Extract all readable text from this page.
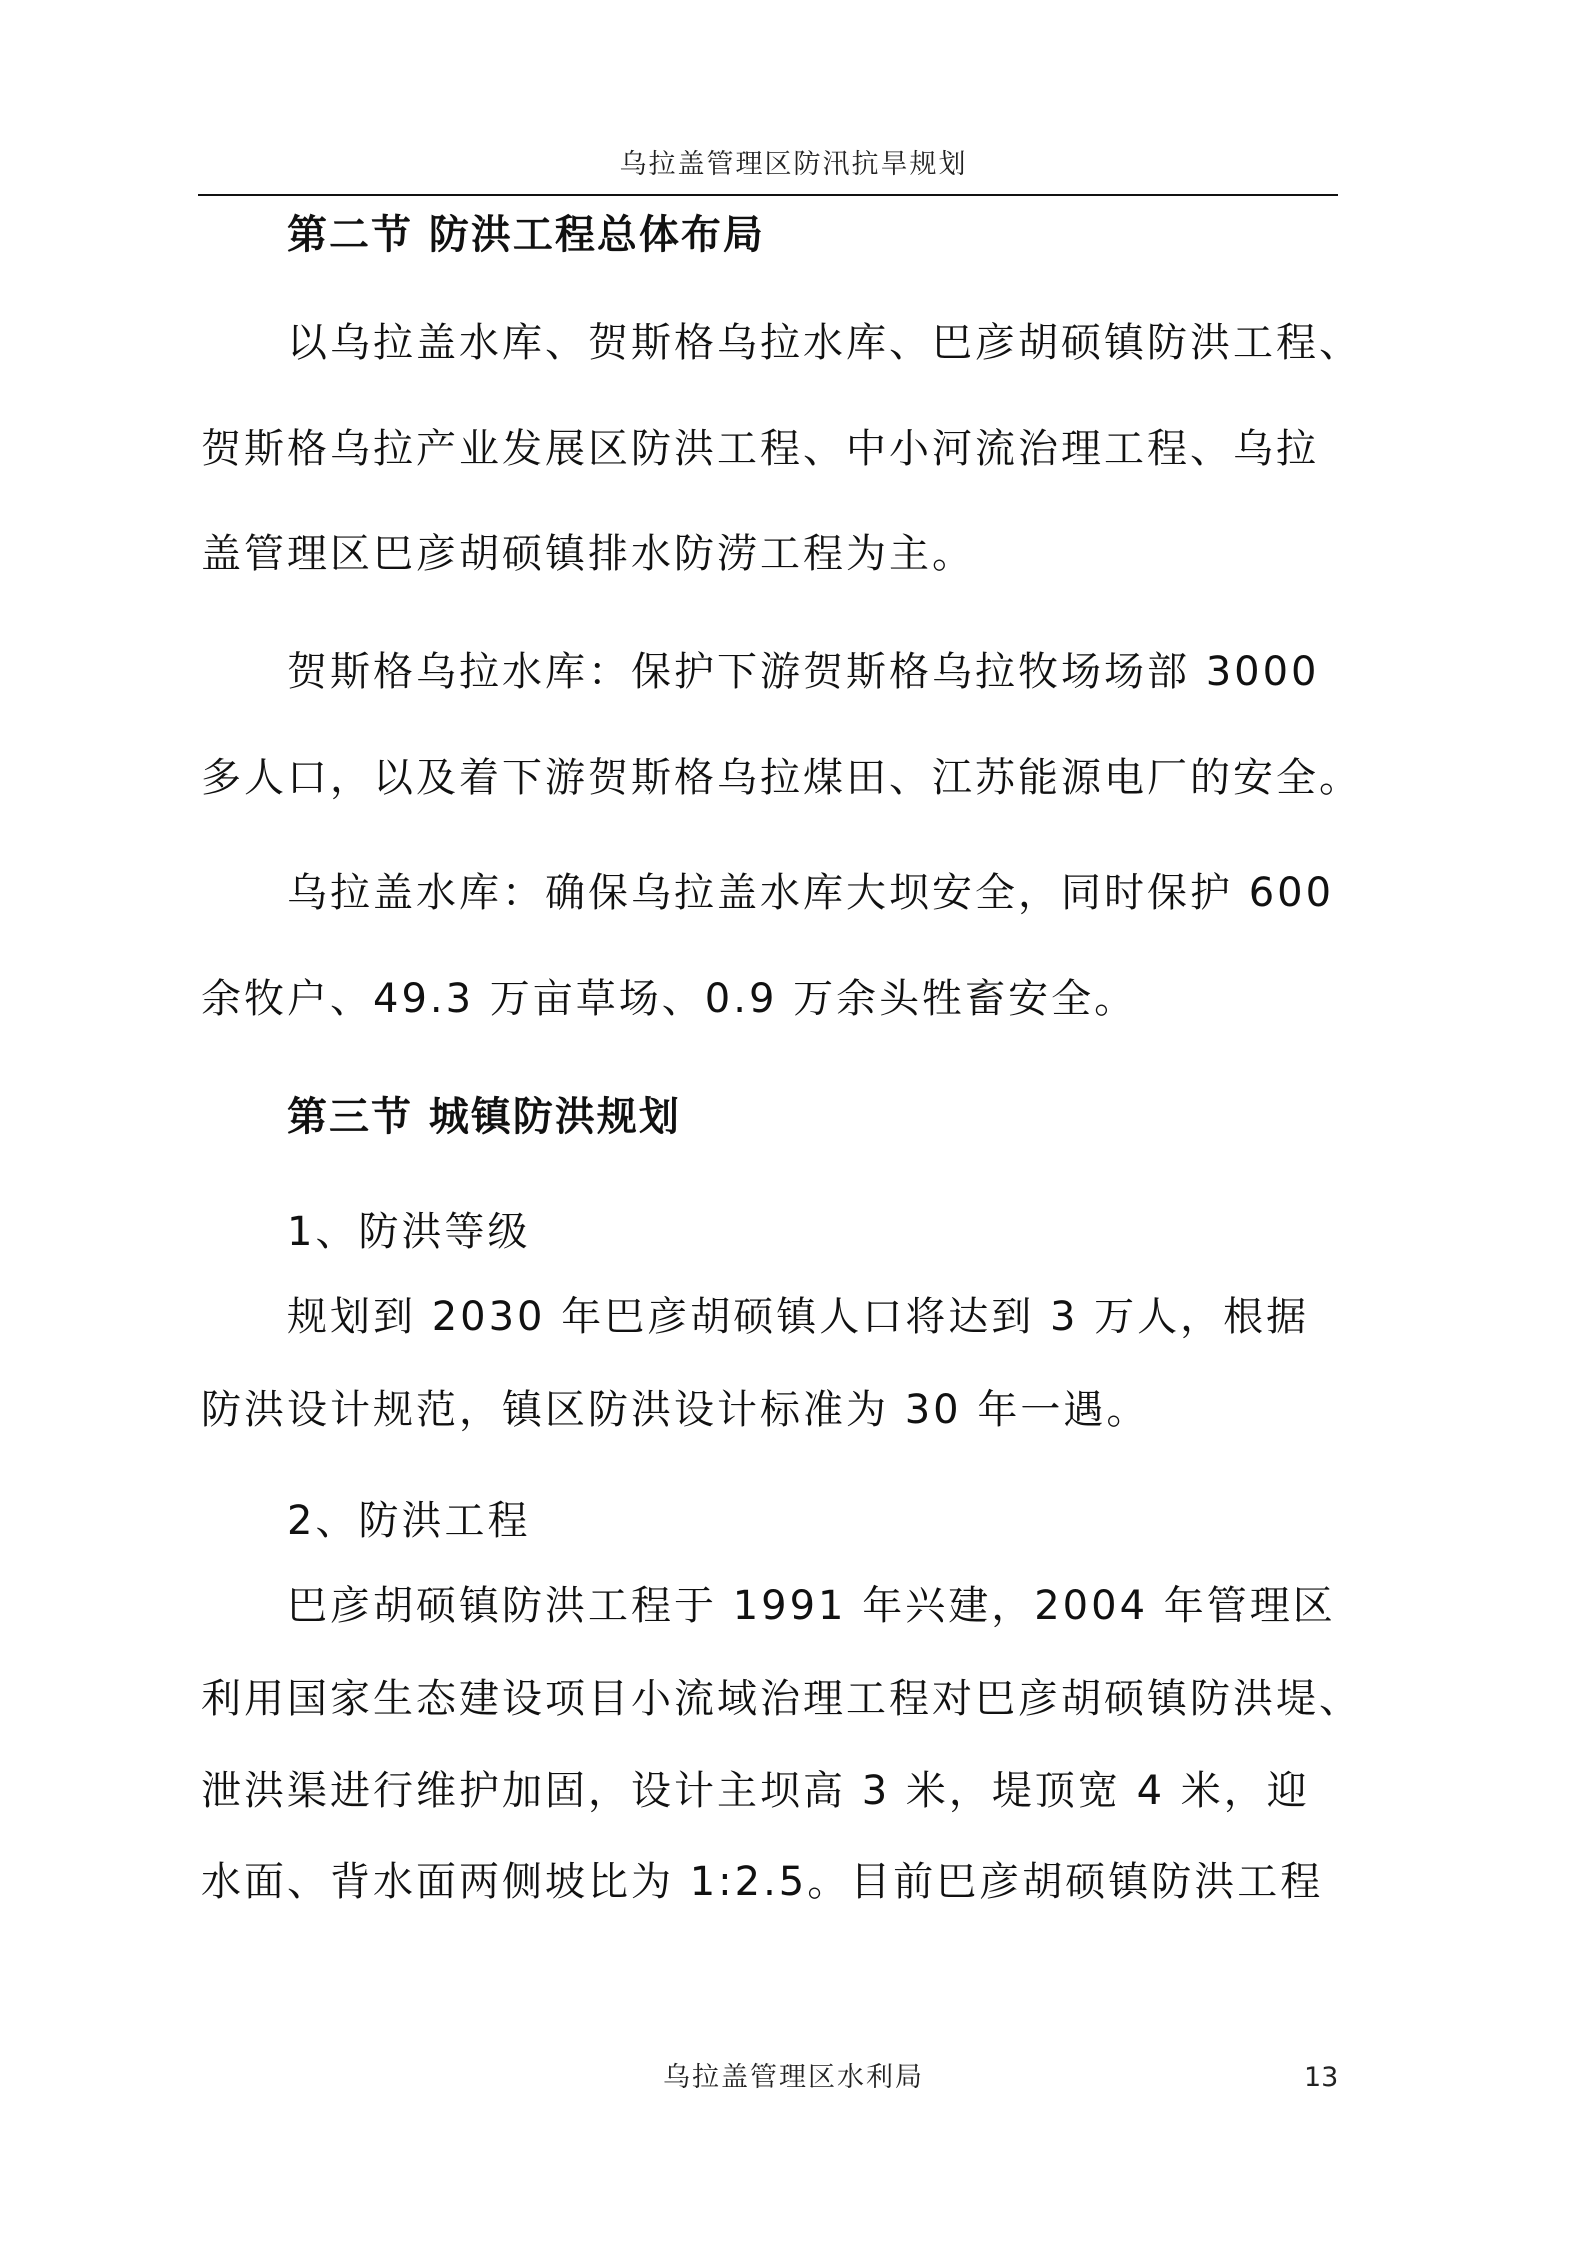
乌拉盖管理区防汛抗旱规划
第二节 防洪工程总体布局
以乌拉盖水库、贺斯格乌拉水库、巴彦胡硕镇防洪工程、
贺斯格乌拉产业发展区防洪工程、中小河流治理工程、乌拉
盖管理区巴彦胡硕镇排水防涝工程为主。
贺斯格乌拉水库：保护下游贺斯格乌拉牧场场部 3000
多人口，以及着下游贺斯格乌拉煤田、江苏能源电厂的安全。
乌拉盖水库：确保乌拉盖水库大坝安全，同时保护 600
余牧户、49.3 万亩草场、0.9 万余头牲畜安全。
第三节 城镇防洪规划
1、防洪等级
规划到 2030 年巴彦胡硕镇人口将达到 3 万人，根据
防洪设计规范，镇区防洪设计标准为 30 年一遇。
2、防洪工程
巴彦胡硕镇防洪工程于 1991 年兴建，2004 年管理区
利用国家生态建设项目小流域治理工程对巴彦胡硕镇防洪堤、
泄洪渠进行维护加固，设计主坝高 3 米，堤顶宽 4 米，迎
水面、背水面两侧坡比为 1:2.5。目前巴彦胡硕镇防洪工程
乌拉盖管理区水利局	13
